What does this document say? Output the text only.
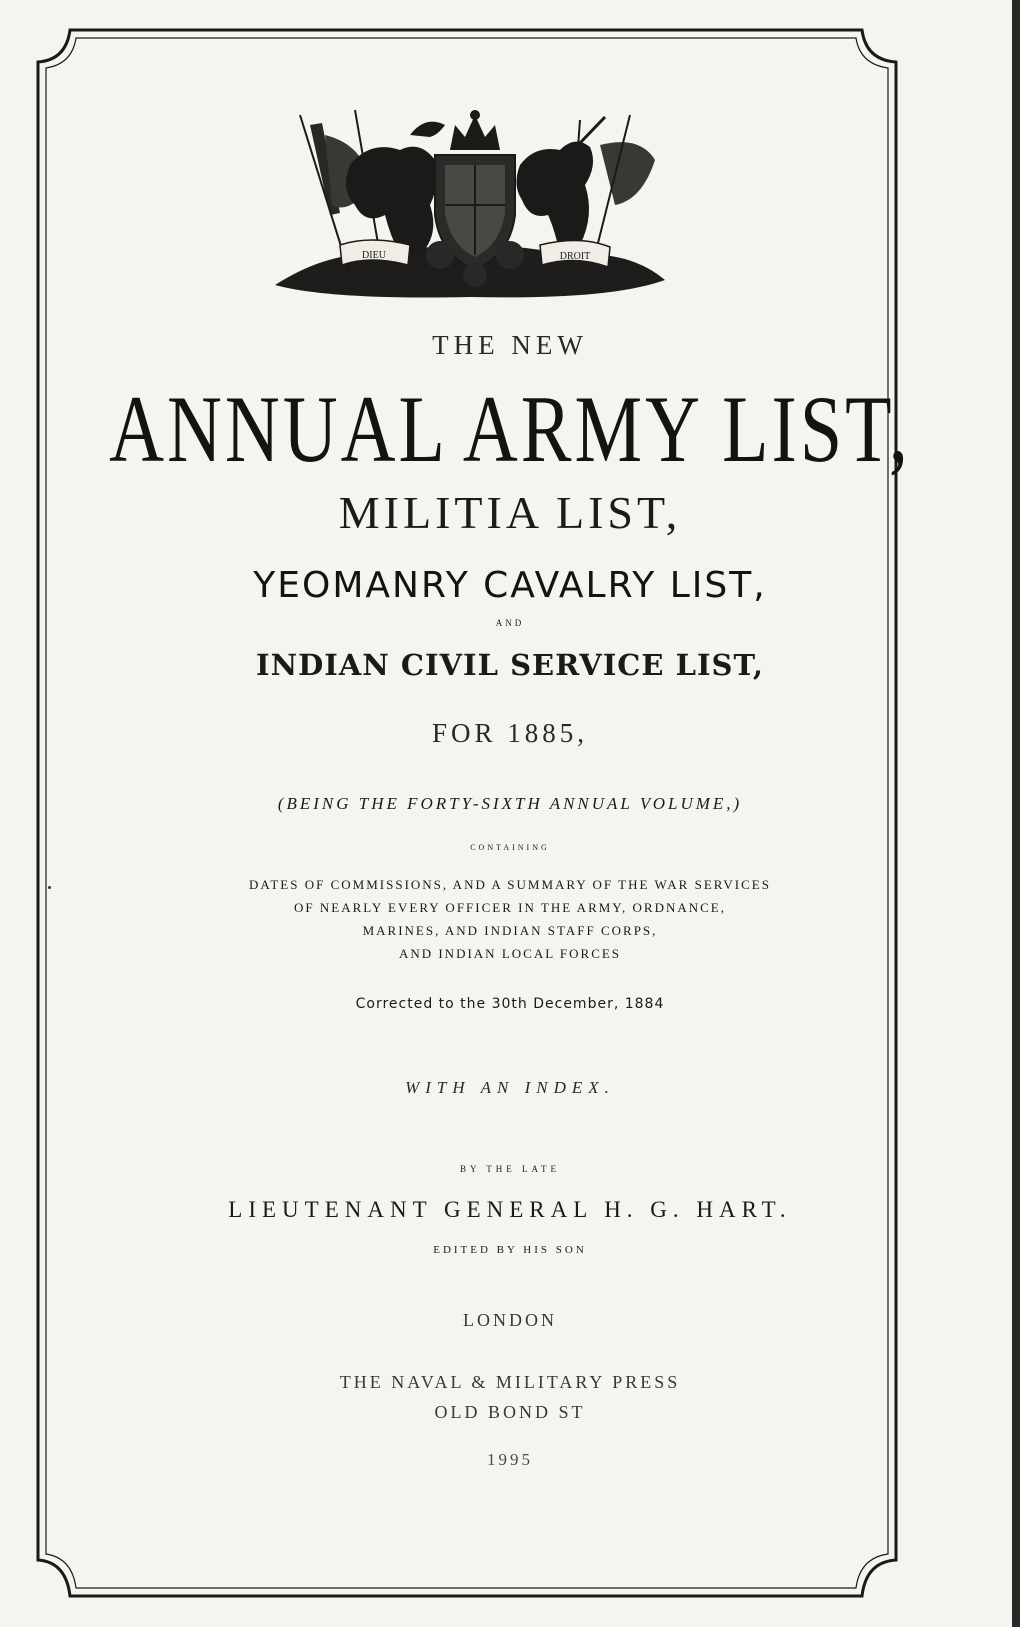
DIEU	DROIT
THE NEW
ANNUAL ARMY LIST,
MILITIA LIST,
YEOMANRY CAVALRY LIST,
AND
INDIAN CIVIL SERVICE LIST,
FOR 1885,
(BEING THE FORTY-SIXTH ANNUAL VOLUME,)
CONTAINING
DATES OF COMMISSIONS, AND A SUMMARY OF THE WAR SERVICES
OF NEARLY EVERY OFFICER IN THE ARMY, ORDNANCE,
MARINES, AND INDIAN STAFF CORPS,
AND INDIAN LOCAL FORCES
Corrected to the 30th December, 1884
WITH AN INDEX.
BY THE LATE
LIEUTENANT GENERAL H. G. HART.
EDITED BY HIS SON
LONDON
THE NAVAL & MILITARY PRESS
OLD BOND ST
1995
